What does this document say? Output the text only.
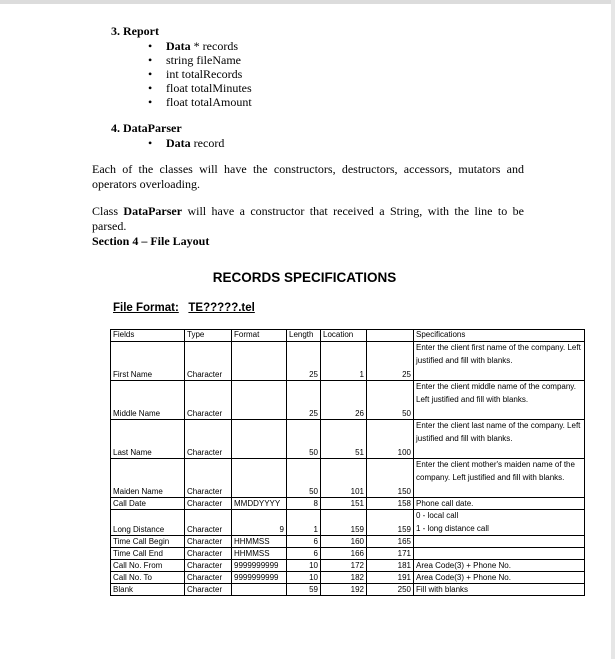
3. Report
• Data * records
• string fileName
• int totalRecords
• float totalMinutes
• float totalAmount
4. DataParser
• Data record
Each of the classes will have the constructors, destructors, accessors, mutators and operators overloading.
Class DataParser will have a constructor that received a String, with the line to be parsed.
Section 4 – File Layout
RECORDS SPECIFICATIONS
File Format: TE?????.tel
Fields	Type	Format	Length	Location		Specifications
First Name	Character		25	1	25	Enter the client first name of the company. Left justified and fill with blanks.
Middle Name	Character		25	26	50	Enter the client middle name of the company. Left justified and fill with blanks.
Last Name	Character		50	51	100	Enter the client last name of the company. Left justified and fill with blanks.
Maiden Name	Character		50	101	150	Enter the client mother's maiden name of the company. Left justified and fill with blanks.
Call Date	Character	MMDDYYYY	8	151	158	Phone call date.
Long Distance	Character	9	1	159	159	0 - local call
1 - long distance call
Time Call Begin	Character	HHMMSS	6	160	165	
Time Call End	Character	HHMMSS	6	166	171	
Call No. From	Character	9999999999	10	172	181	Area Code(3) + Phone No.
Call No. To	Character	9999999999	10	182	191	Area Code(3) + Phone No.
Blank	Character		59	192	250	Fill with blanks
